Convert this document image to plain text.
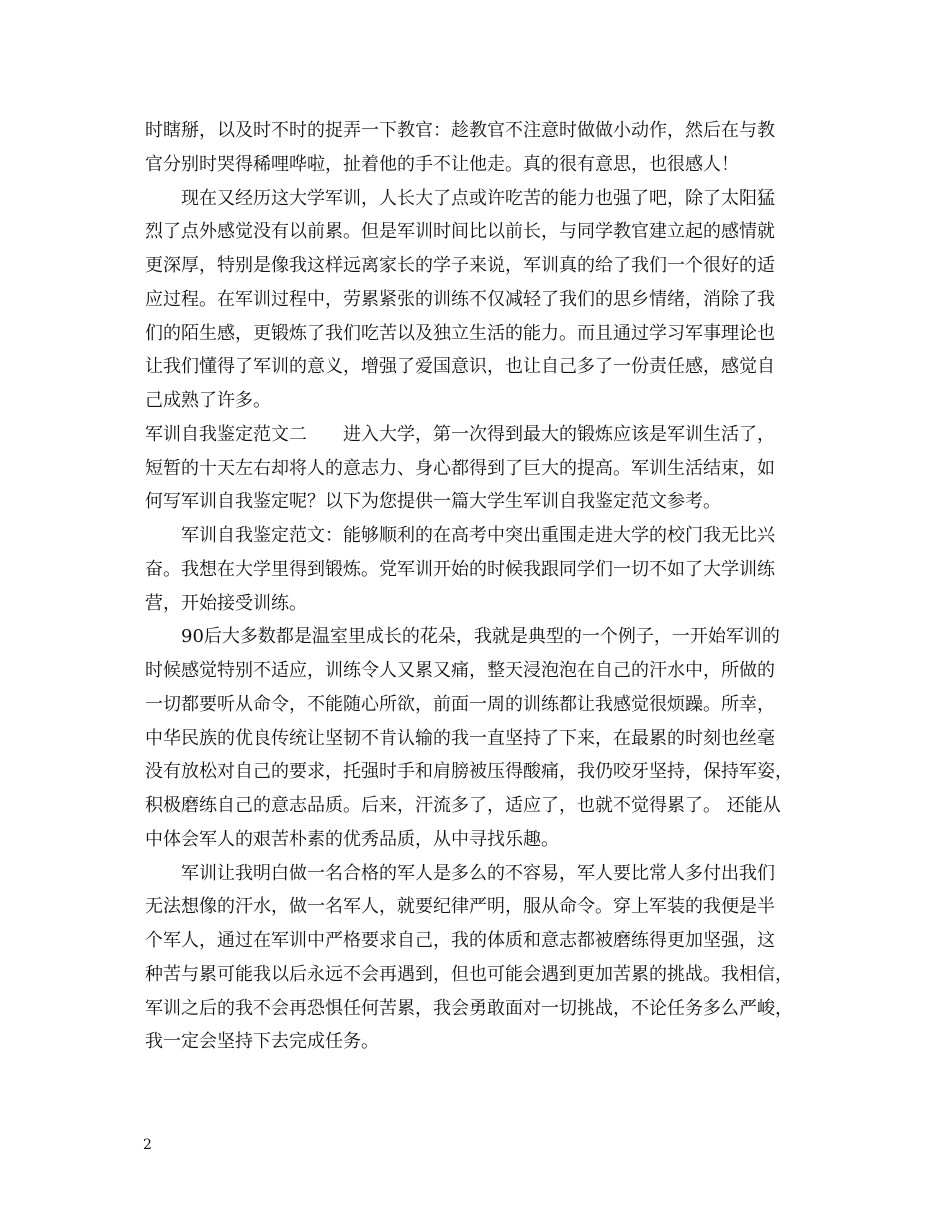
时瞎掰，以及时不时的捉弄一下教官：趁教官不注意时做做小动作，然后在与教
官分别时哭得稀哩哗啦，扯着他的手不让他走。真的很有意思，也很感人！
现在又经历这大学军训，人长大了点或许吃苦的能力也强了吧，除了太阳猛
烈了点外感觉没有以前累。但是军训时间比以前长，与同学教官建立起的感情就
更深厚，特别是像我这样远离家长的学子来说，军训真的给了我们一个很好的适
应过程。在军训过程中，劳累紧张的训练不仅减轻了我们的思乡情绪，消除了我
们的陌生感，更锻炼了我们吃苦以及独立生活的能力。而且通过学习军事理论也
让我们懂得了军训的意义，增强了爱国意识，也让自己多了一份责任感，感觉自
己成熟了许多。
军训自我鉴定范文二　　进入大学，第一次得到最大的锻炼应该是军训生活了，
短暂的十天左右却将人的意志力、身心都得到了巨大的提高。军训生活结束，如
何写军训自我鉴定呢？以下为您提供一篇大学生军训自我鉴定范文参考。
军训自我鉴定范文：能够顺利的在高考中突出重围走进大学的校门我无比兴
奋。我想在大学里得到锻炼。党军训开始的时候我跟同学们一切不如了大学训练
营，开始接受训练。
90后大多数都是温室里成长的花朵，我就是典型的一个例子，一开始军训的
时候感觉特别不适应，训练令人又累又痛，整天浸泡泡在自己的汗水中，所做的
一切都要听从命令，不能随心所欲，前面一周的训练都让我感觉很烦躁。所幸，
中华民族的优良传统让坚韧不肯认输的我一直坚持了下来，在最累的时刻也丝毫
没有放松对自己的要求，托强时手和肩膀被压得酸痛，我仍咬牙坚持，保持军姿，
积极磨练自己的意志品质。后来，汗流多了，适应了，也就不觉得累了。 还能从
中体会军人的艰苦朴素的优秀品质，从中寻找乐趣。
军训让我明白做一名合格的军人是多么的不容易，军人要比常人多付出我们
无法想像的汗水，做一名军人，就要纪律严明，服从命令。穿上军装的我便是半
个军人，通过在军训中严格要求自己，我的体质和意志都被磨练得更加坚强，这
种苦与累可能我以后永远不会再遇到，但也可能会遇到更加苦累的挑战。我相信，
军训之后的我不会再恐惧任何苦累，我会勇敢面对一切挑战，不论任务多么严峻，
我一定会坚持下去完成任务。
2
